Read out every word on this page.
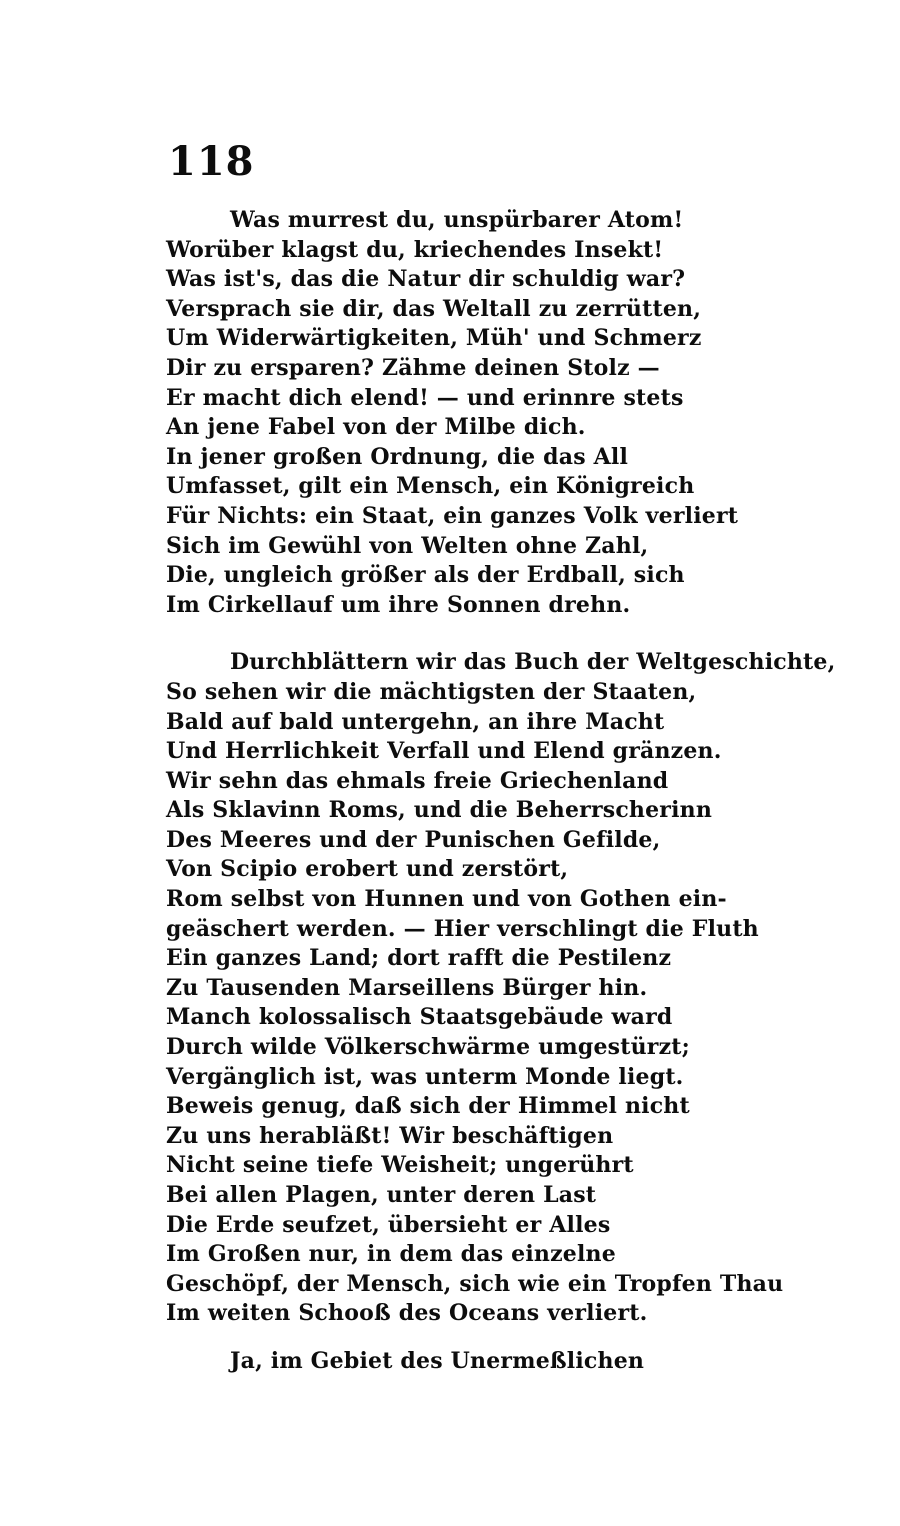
118
Was murrest du, unspürbarer Atom!
Worüber klagst du, kriechendes Insekt!
Was ist's, das die Natur dir schuldig war?
Versprach sie dir, das Weltall zu zerrütten,
Um Widerwärtigkeiten, Müh' und Schmerz
Dir zu ersparen? Zähme deinen Stolz —
Er macht dich elend! — und erinnre stets
An jene Fabel von der Milbe dich.
In jener großen Ordnung, die das All
Umfasset, gilt ein Mensch, ein Königreich
Für Nichts: ein Staat, ein ganzes Volk verliert
Sich im Gewühl von Welten ohne Zahl,
Die, ungleich größer als der Erdball, sich
Im Cirkellauf um ihre Sonnen drehn.
Durchblättern wir das Buch der Weltgeschichte,
So sehen wir die mächtigsten der Staaten,
Bald auf bald untergehn, an ihre Macht
Und Herrlichkeit Verfall und Elend gränzen.
Wir sehn das ehmals freie Griechenland
Als Sklavinn Roms, und die Beherrscherinn
Des Meeres und der Punischen Gefilde,
Von Scipio erobert und zerstört,
Rom selbst von Hunnen und von Gothen ein-
geäschert werden. — Hier verschlingt die Fluth
Ein ganzes Land; dort rafft die Pestilenz
Zu Tausenden Marseillens Bürger hin.
Manch kolossalisch Staatsgebäude ward
Durch wilde Völkerschwärme umgestürzt;
Vergänglich ist, was unterm Monde liegt.
Beweis genug, daß sich der Himmel nicht
Zu uns herabläßt! Wir beschäftigen
Nicht seine tiefe Weisheit; ungerührt
Bei allen Plagen, unter deren Last
Die Erde seufzet, übersieht er Alles
Im Großen nur, in dem das einzelne
Geschöpf, der Mensch, sich wie ein Tropfen Thau
Im weiten Schooß des Oceans verliert.
Ja, im Gebiet des Unermeßlichen
